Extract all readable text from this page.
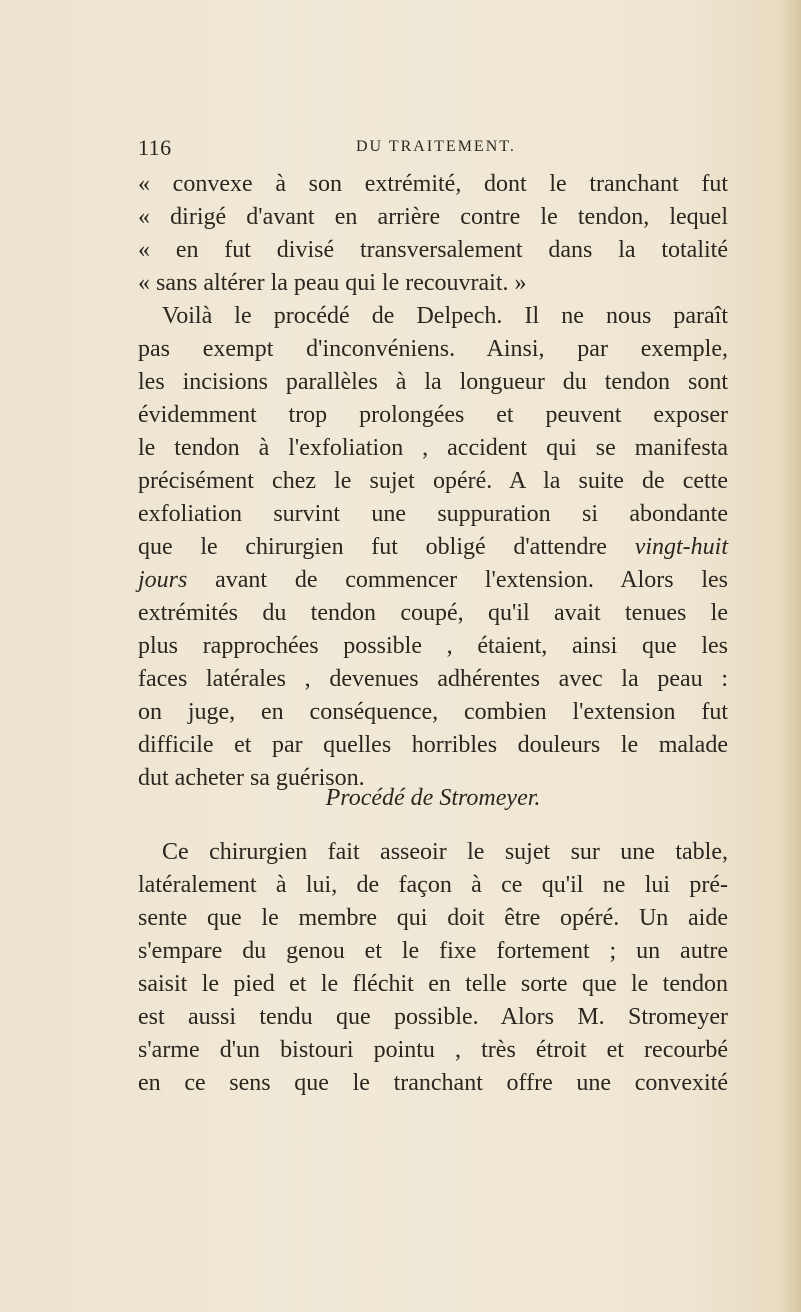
116	DU TRAITEMENT.
« convexe à son extrémité, dont le tranchant fut
« dirigé d'avant en arrière contre le tendon, lequel
« en fut divisé transversalement dans la totalité
« sans altérer la peau qui le recouvrait. »
Voilà le procédé de Delpech. Il ne nous paraît
pas exempt d'inconvéniens. Ainsi, par exemple,
les incisions parallèles à la longueur du tendon sont
évidemment trop prolongées et peuvent exposer
le tendon à l'exfoliation , accident qui se manifesta
précisément chez le sujet opéré. A la suite de cette
exfoliation survint une suppuration si abondante
que le chirurgien fut obligé d'attendre vingt-huit
jours avant de commencer l'extension. Alors les
extrémités du tendon coupé, qu'il avait tenues le
plus rapprochées possible , étaient, ainsi que les
faces latérales , devenues adhérentes avec la peau :
on juge, en conséquence, combien l'extension fut
difficile et par quelles horribles douleurs le malade
dut acheter sa guérison.
Procédé de Stromeyer.
Ce chirurgien fait asseoir le sujet sur une table,
latéralement à lui, de façon à ce qu'il ne lui pré-
sente que le membre qui doit être opéré. Un aide
s'empare du genou et le fixe fortement ; un autre
saisit le pied et le fléchit en telle sorte que le tendon
est aussi tendu que possible. Alors M. Stromeyer
s'arme d'un bistouri pointu , très étroit et recourbé
en ce sens que le tranchant offre une convexité
